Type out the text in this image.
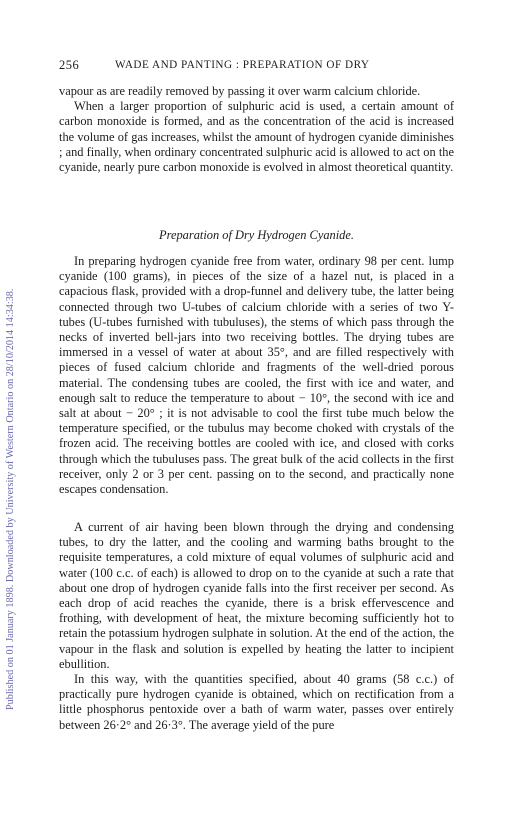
Published on 01 January 1898. Downloaded by University of Western Ontario on 28/10/2014 14:34:38.
256	WADE AND PANTING : PREPARATION OF DRY

vapour as are readily removed by passing it over warm calcium chloride.

When a larger proportion of sulphuric acid is used, a certain amount of carbon monoxide is formed, and as the concentration of the acid is increased the volume of gas increases, whilst the amount of hydrogen cyanide diminishes ; and finally, when ordinary concentrated sulphuric acid is allowed to act on the cyanide, nearly pure carbon monoxide is evolved in almost theoretical quantity.

Preparation of Dry Hydrogen Cyanide.

In preparing hydrogen cyanide free from water, ordinary 98 per cent. lump cyanide (100 grams), in pieces of the size of a hazel nut, is placed in a capacious flask, provided with a drop-funnel and delivery tube, the latter being connected through two U-tubes of calcium chloride with a series of two Y-tubes (U-tubes furnished with tubuluses), the stems of which pass through the necks of inverted bell-jars into two receiving bottles. The drying tubes are immersed in a vessel of water at about 35°, and are filled respectively with pieces of fused calcium chloride and fragments of the well-dried porous material. The condensing tubes are cooled, the first with ice and water, and enough salt to reduce the temperature to about − 10°, the second with ice and salt at about − 20° ; it is not advisable to cool the first tube much below the temperature specified, or the tubulus may become choked with crystals of the frozen acid. The receiving bottles are cooled with ice, and closed with corks through which the tubuluses pass. The great bulk of the acid collects in the first receiver, only 2 or 3 per cent. passing on to the second, and practically none escapes condensation.

A current of air having been blown through the drying and condensing tubes, to dry the latter, and the cooling and warming baths brought to the requisite temperatures, a cold mixture of equal volumes of sulphuric acid and water (100 c.c. of each) is allowed to drop on to the cyanide at such a rate that about one drop of hydrogen cyanide falls into the first receiver per second. As each drop of acid reaches the cyanide, there is a brisk effervescence and frothing, with development of heat, the mixture becoming sufficiently hot to retain the potassium hydrogen sulphate in solution. At the end of the action, the vapour in the flask and solution is expelled by heating the latter to incipient ebullition.

In this way, with the quantities specified, about 40 grams (58 c.c.) of practically pure hydrogen cyanide is obtained, which on rectification from a little phosphorus pentoxide over a bath of warm water, passes over entirely between 26·2° and 26·3°. The average yield of the pure
